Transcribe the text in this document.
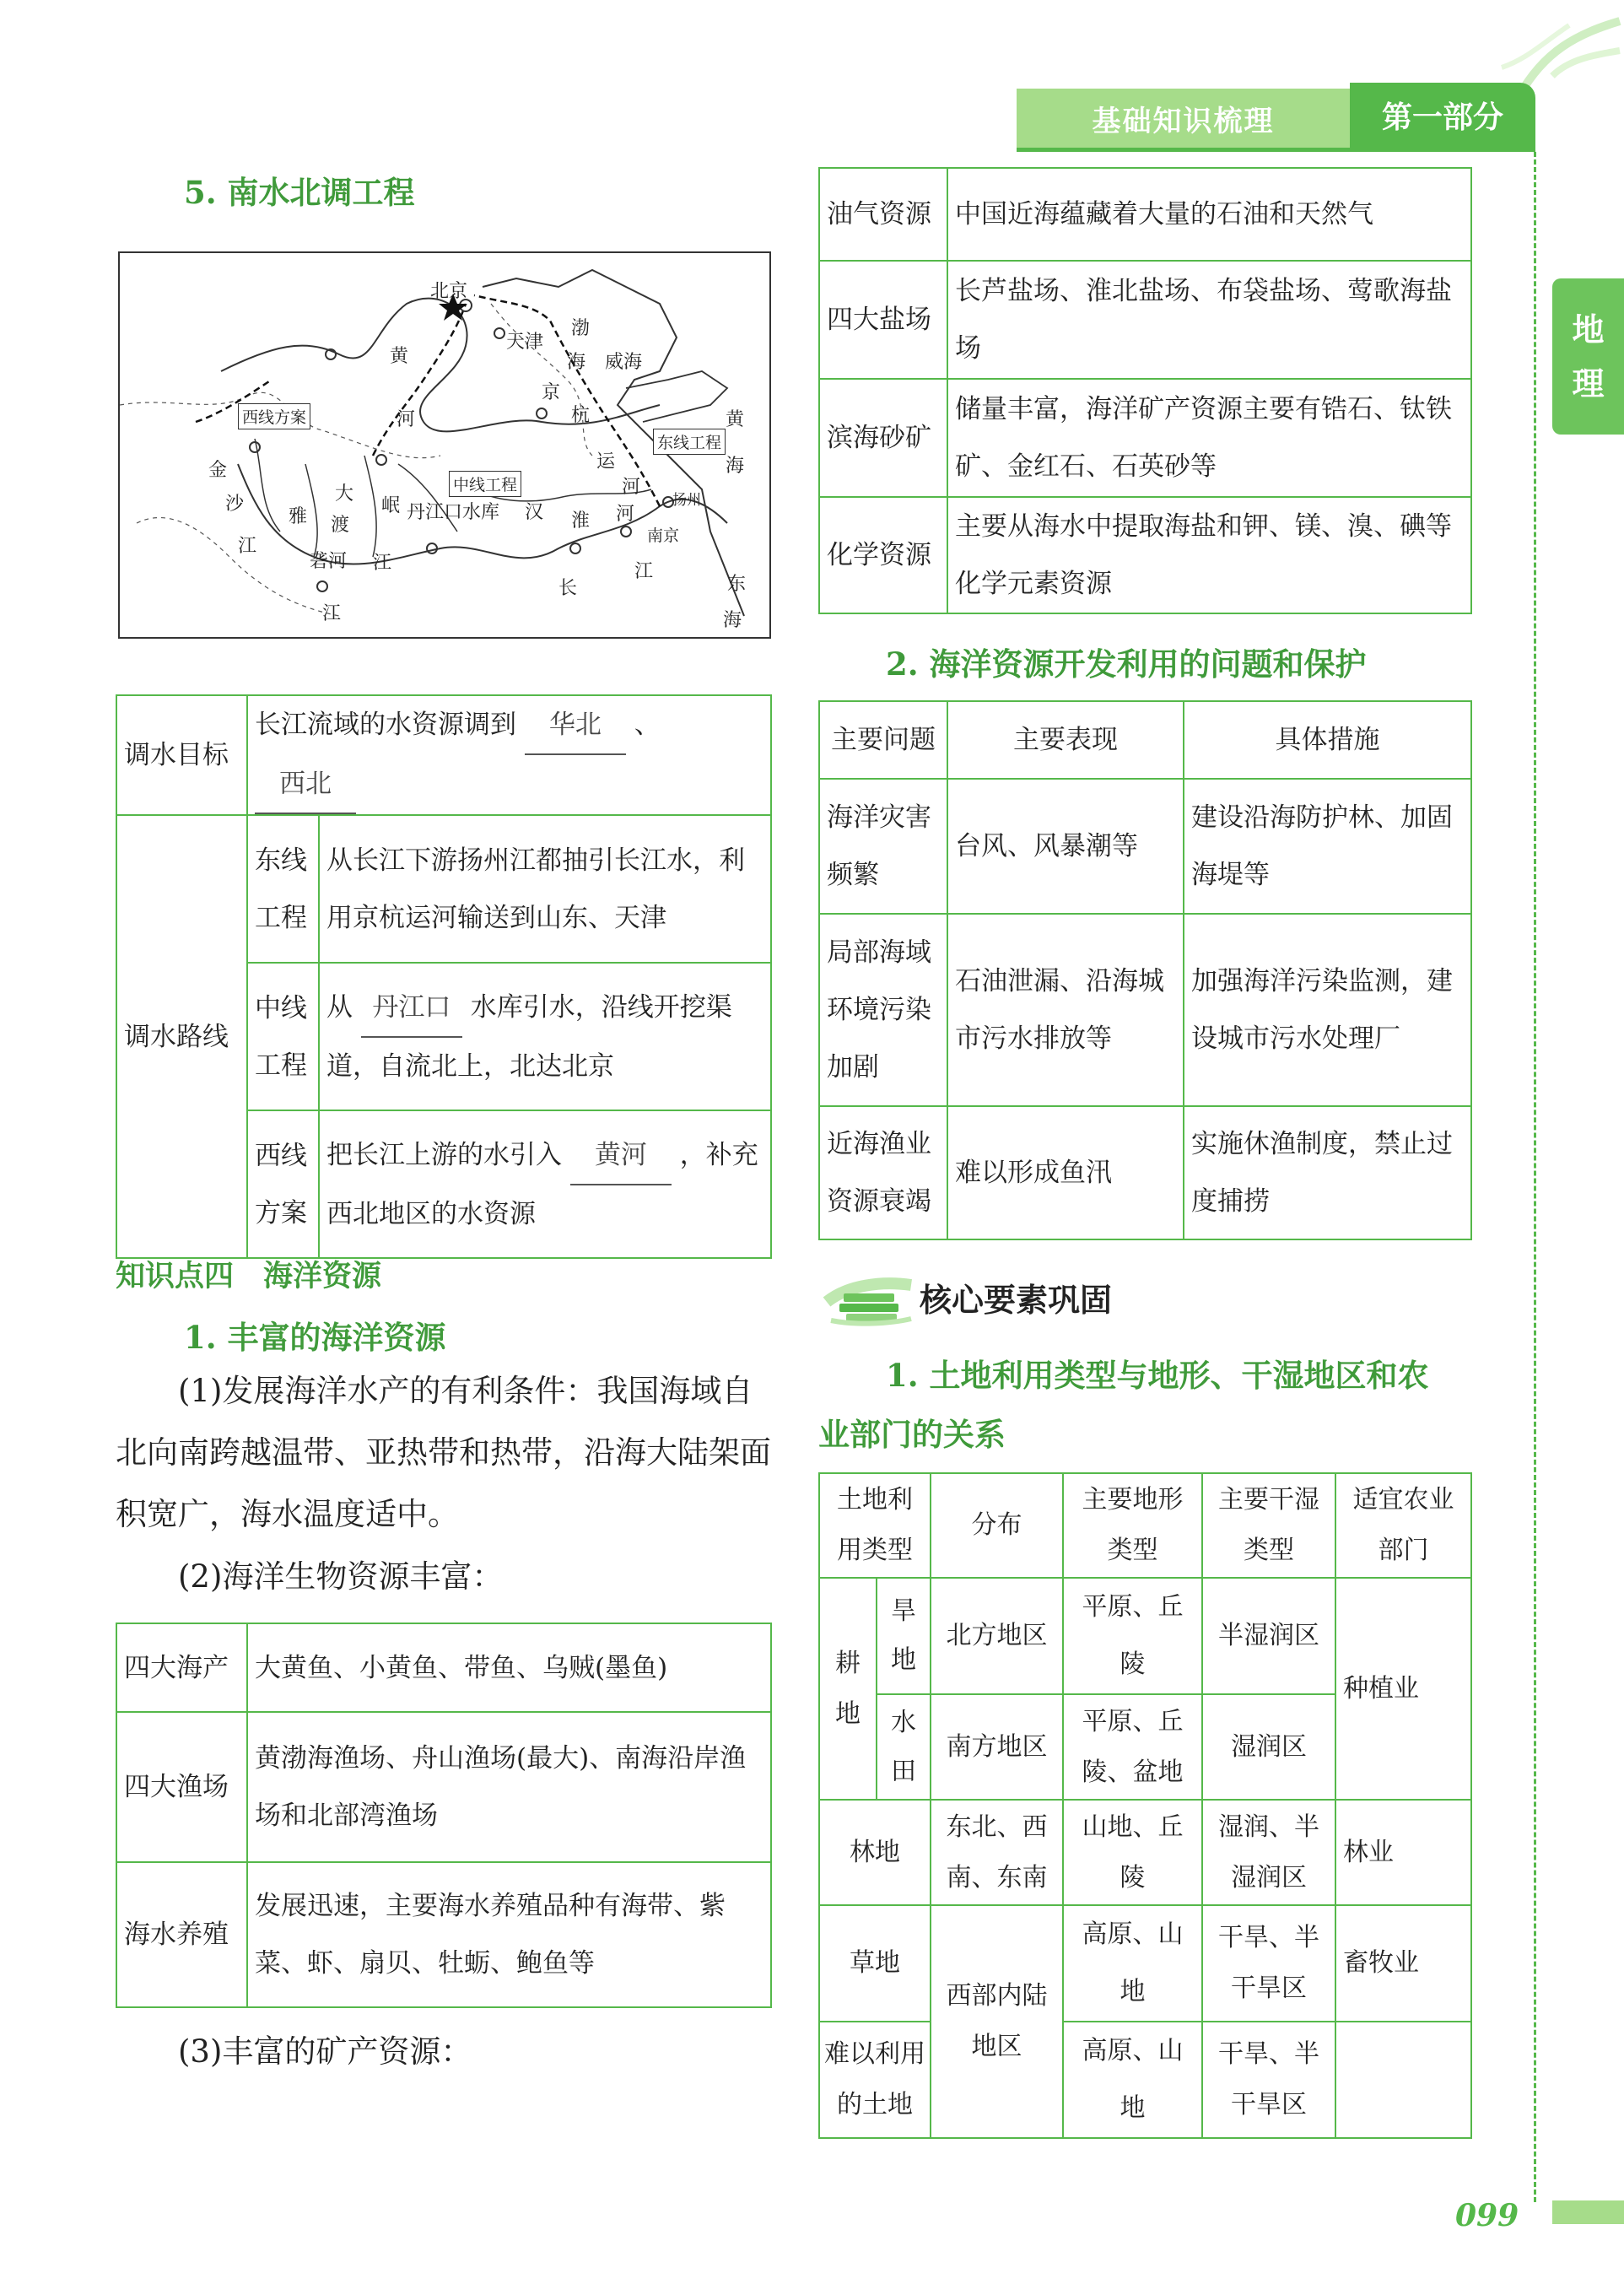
基础知识梳理	第一部分
地
理
5. 南水北调工程
北京
天津
渤
海 威海
黄
海
黄
河
京
杭
运
河
金
沙
江
雅
大
渡
岷
砻河 江
江
丹江口水库 汉 淮 河
扬州
南京
江
长	东
海
西线方案
中线工程
东线工程
调水目标	长江流域的水资源调到 华北 、 西北	
调水路线	东线工程	从长江下游扬州江都抽引长江水，利用京杭运河输送到山东、天津
	中线工程	从 丹江口 水库引水，沿线开挖渠道，自流北上，北达北京
	西线方案	把长江上游的水引入 黄河 ，补充西北地区的水资源
知识点四　海洋资源
1. 丰富的海洋资源
(1)发展海洋水产的有利条件：我国海域自北向南跨越温带、亚热带和热带，沿海大陆架面积宽广，海水温度适中。
(2)海洋生物资源丰富：
四大海产	大黄鱼、小黄鱼、带鱼、乌贼(墨鱼)
四大渔场	黄渤海渔场、舟山渔场(最大)、南海沿岸渔场和北部湾渔场
海水养殖	发展迅速，主要海水养殖品种有海带、紫菜、虾、扇贝、牡蛎、鲍鱼等
(3)丰富的矿产资源：
油气资源	中国近海蕴藏着大量的石油和天然气
四大盐场	长芦盐场、淮北盐场、布袋盐场、莺歌海盐场
滨海砂矿	储量丰富，海洋矿产资源主要有锆石、钛铁矿、金红石、石英砂等
化学资源	主要从海水中提取海盐和钾、镁、溴、碘等化学元素资源
2. 海洋资源开发利用的问题和保护
主要问题	主要表现	具体措施
海洋灾害频繁	台风、风暴潮等	建设沿海防护林、加固海堤等
局部海域环境污染加剧	石油泄漏、沿海城市污水排放等	加强海洋污染监测，建设城市污水处理厂
近海渔业资源衰竭	难以形成鱼汛	实施休渔制度，禁止过度捕捞
核心要素巩固
1. 土地利用类型与地形、干湿地区和农
业部门的关系
土地利用类型		分布	主要地形类型	主要干湿类型	适宜农业部门
耕地	旱地	北方地区	平原、丘陵	半湿润区	种植业
	水田	南方地区	平原、丘陵、盆地	湿润区	
林地		东北、西南、东南	山地、丘陵	湿润、半湿润区	林业
草地		西部内陆地区	高原、山地	干旱、半干旱区	畜牧业
难以利用的土地			高原、山地	干旱、半干旱区	
099
